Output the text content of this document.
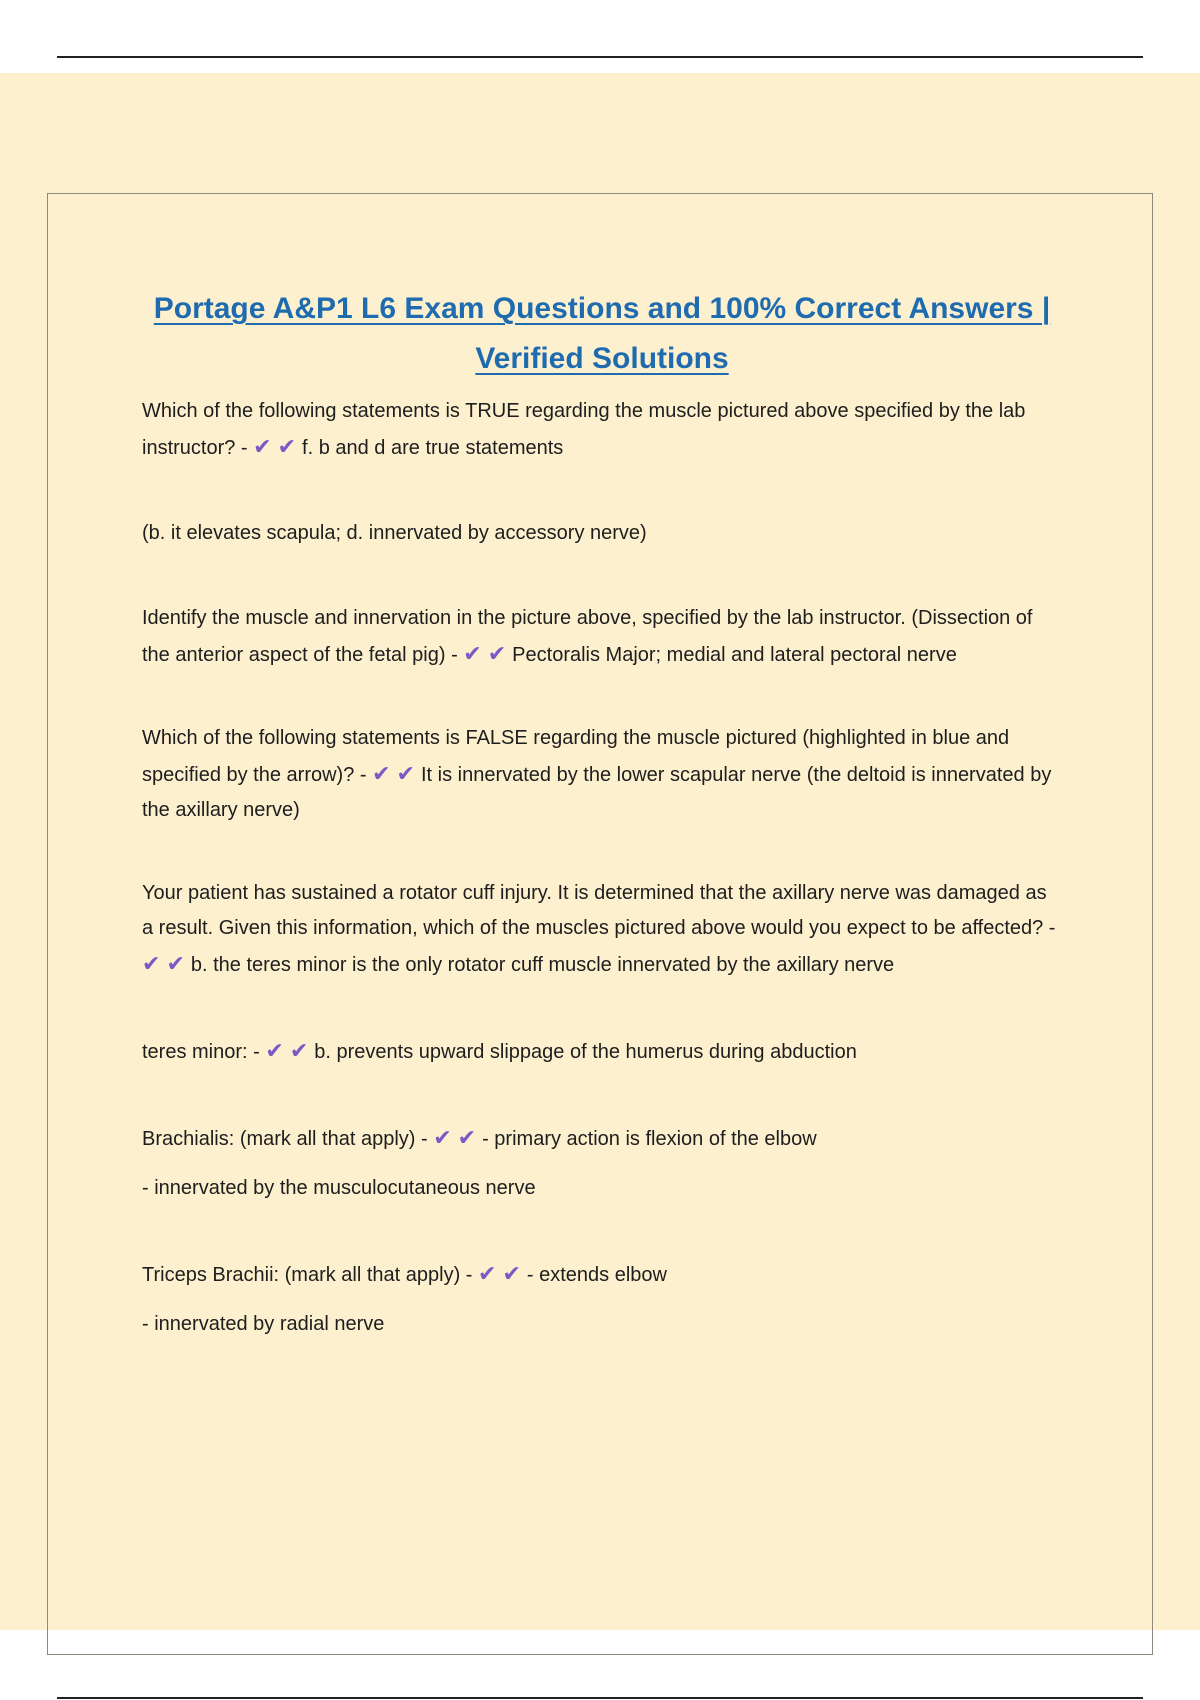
Portage A&P1 L6 Exam Questions and 100% Correct Answers | Verified Solutions

Which of the following statements is TRUE regarding the muscle pictured above specified by the lab instructor? - ✔✔f. b and d are true statements

(b. it elevates scapula; d. innervated by accessory nerve)

Identify the muscle and innervation in the picture above, specified by the lab instructor. (Dissection of the anterior aspect of the fetal pig) - ✔✔Pectoralis Major; medial and lateral pectoral nerve

Which of the following statements is FALSE regarding the muscle pictured (highlighted in blue and specified by the arrow)? - ✔✔It is innervated by the lower scapular nerve (the deltoid is innervated by the axillary nerve)

Your patient has sustained a rotator cuff injury. It is determined that the axillary nerve was damaged as a result. Given this information, which of the muscles pictured above would you expect to be affected? - ✔✔b. the teres minor is the only rotator cuff muscle innervated by the axillary nerve

teres minor: - ✔✔b. prevents upward slippage of the humerus during abduction

Brachialis: (mark all that apply) - ✔✔- primary action is flexion of the elbow

- innervated by the musculocutaneous nerve

Triceps Brachii: (mark all that apply) - ✔✔- extends elbow

- innervated by radial nerve
